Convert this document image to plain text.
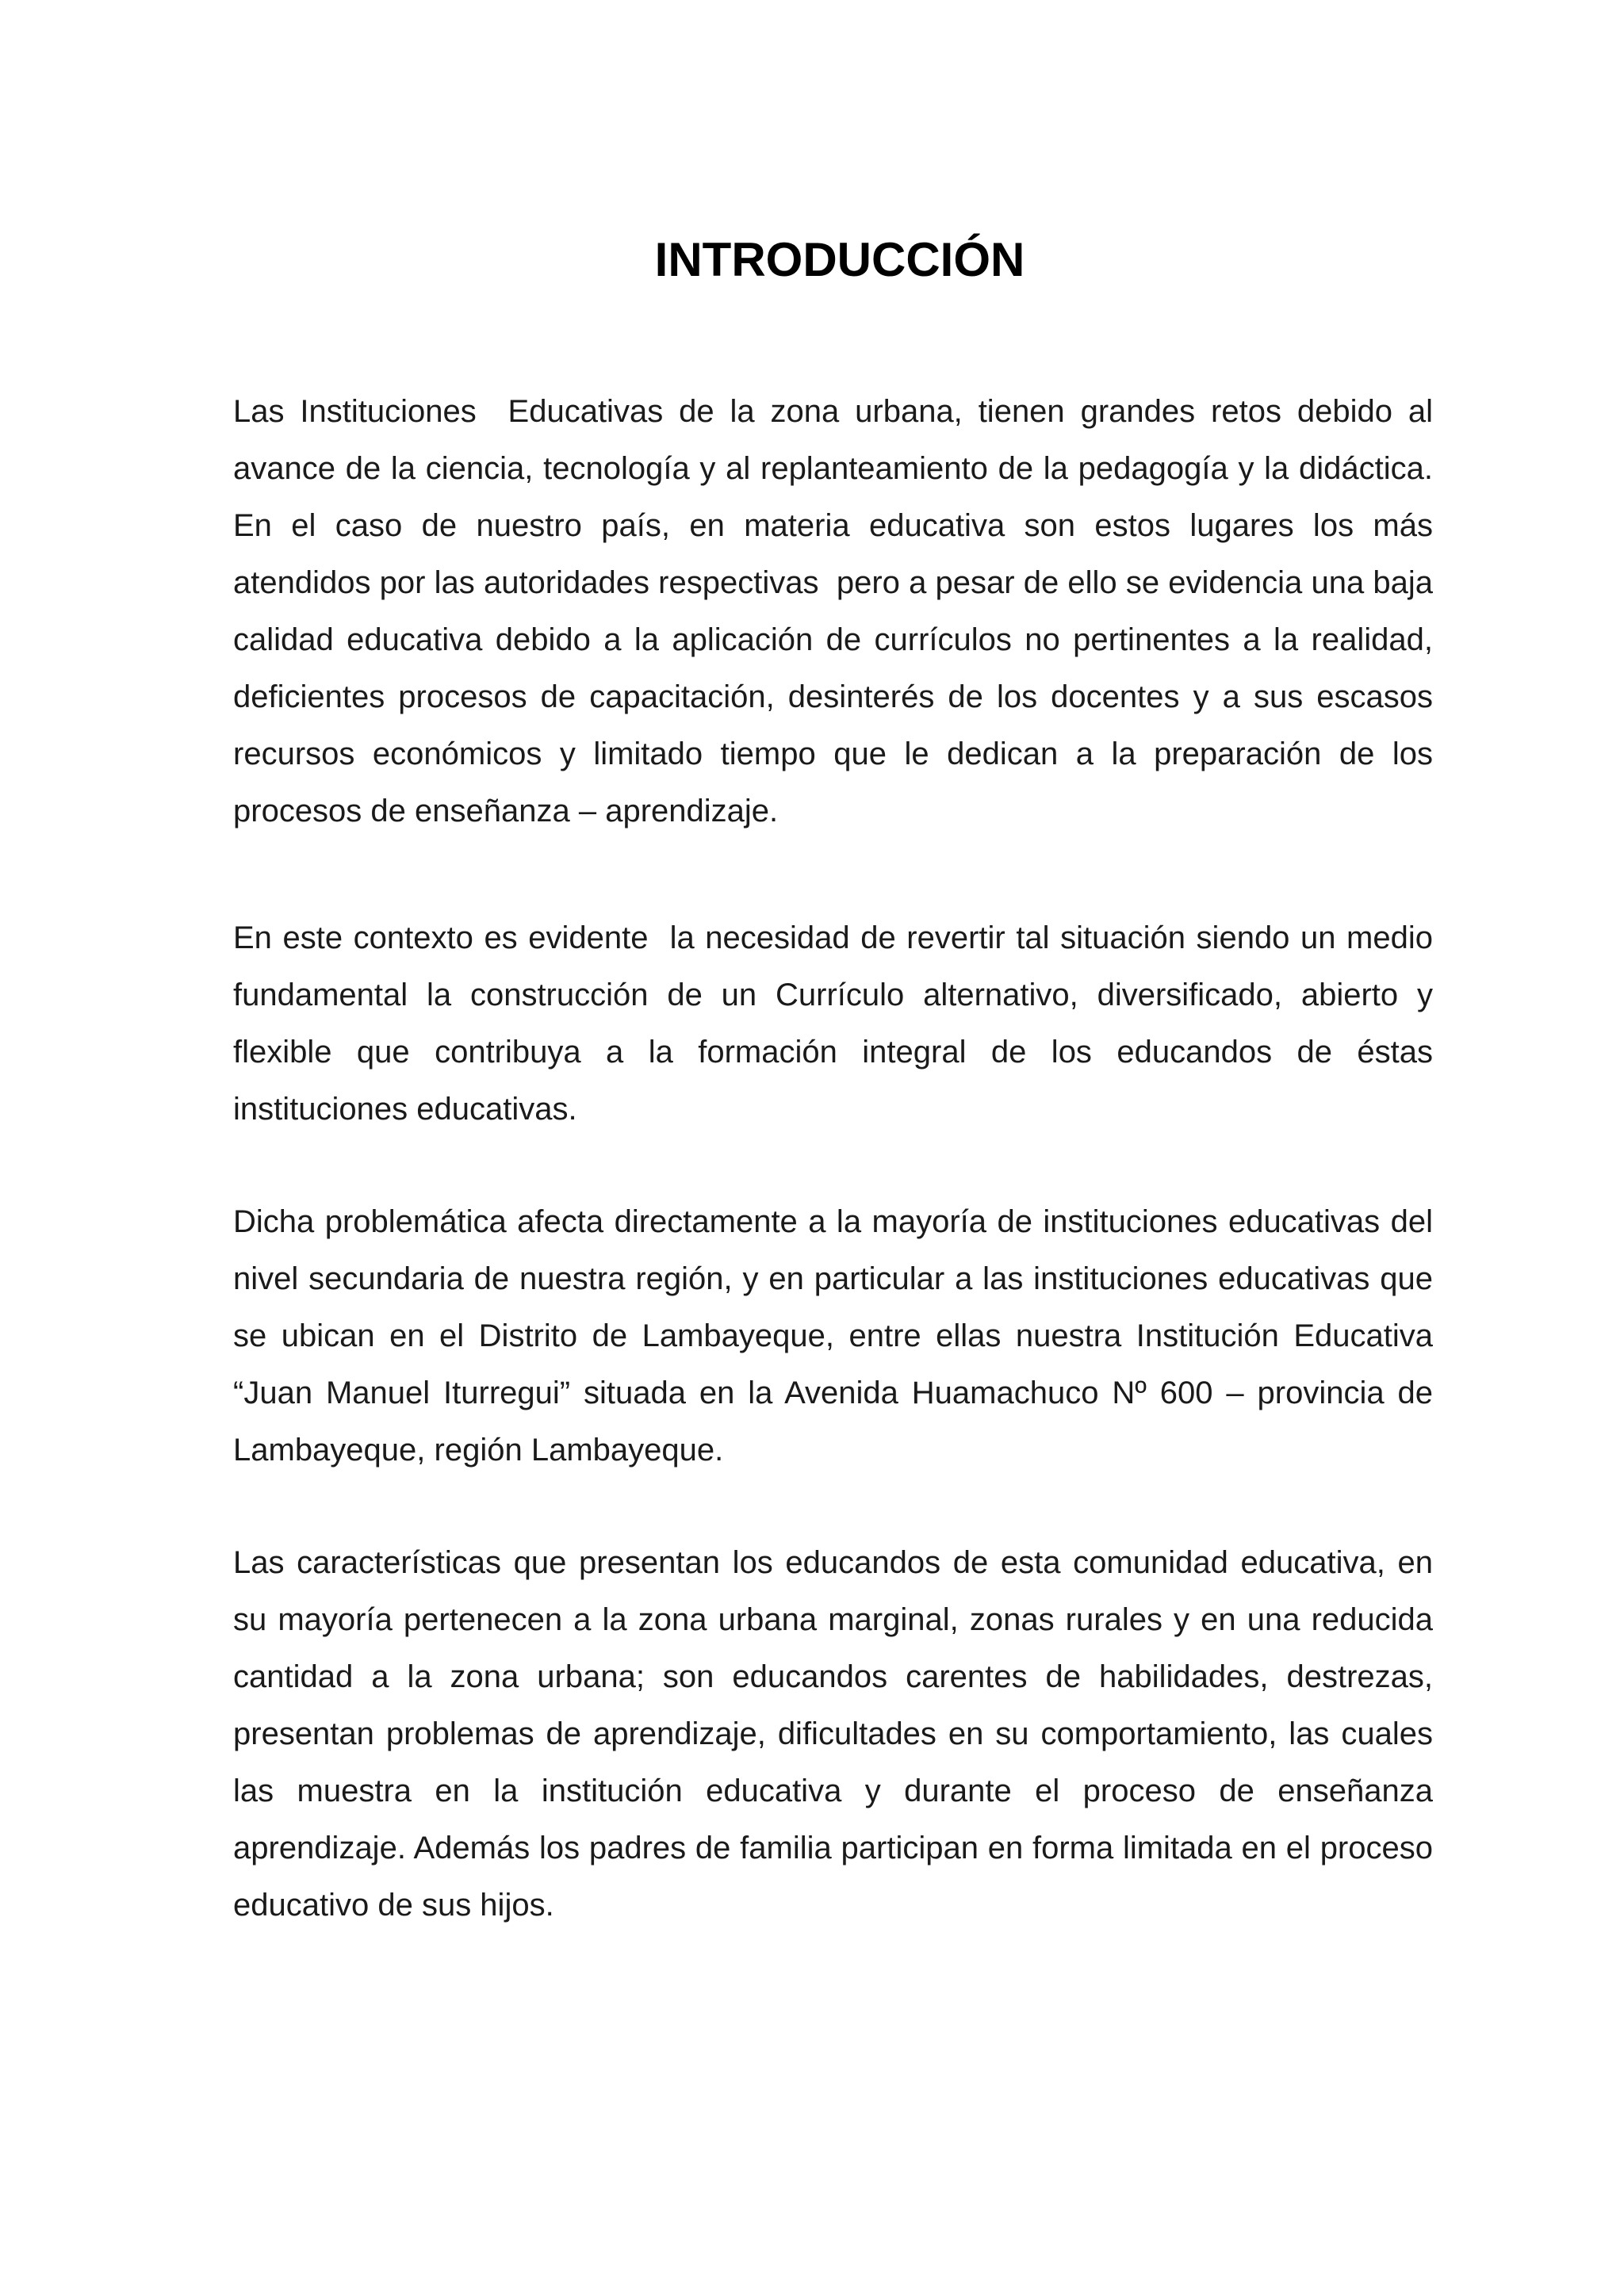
INTRODUCCIÓN

Las Instituciones  Educativas de la zona urbana, tienen grandes retos debido al avance de la ciencia, tecnología y al replanteamiento de la pedagogía y la didáctica. En el caso de nuestro país, en materia educativa son estos lugares los más atendidos por las autoridades respectivas  pero a pesar de ello se evidencia una baja calidad educativa debido a la aplicación de currículos no pertinentes a la realidad, deficientes procesos de capacitación, desinterés de los docentes y a sus escasos recursos económicos y limitado tiempo que le dedican a la preparación de los procesos de enseñanza – aprendizaje.

En este contexto es evidente  la necesidad de revertir tal situación siendo un medio fundamental la construcción de un Currículo alternativo, diversificado, abierto y flexible que contribuya a la formación integral de los educandos de éstas instituciones educativas.

Dicha problemática afecta directamente a la mayoría de instituciones educativas del nivel secundaria de nuestra región, y en particular a las instituciones educativas que se ubican en el Distrito de Lambayeque, entre ellas nuestra Institución Educativa “Juan Manuel Iturregui” situada en la Avenida Huamachuco Nº 600 – provincia de Lambayeque, región Lambayeque.

Las características que presentan los educandos de esta comunidad educativa, en su mayoría pertenecen a la zona urbana marginal, zonas rurales y en una reducida cantidad a la zona urbana; son educandos carentes de habilidades, destrezas, presentan problemas de aprendizaje, dificultades en su comportamiento, las cuales las muestra en la institución educativa y durante el proceso de enseñanza aprendizaje. Además los padres de familia participan en forma limitada en el proceso educativo de sus hijos.
